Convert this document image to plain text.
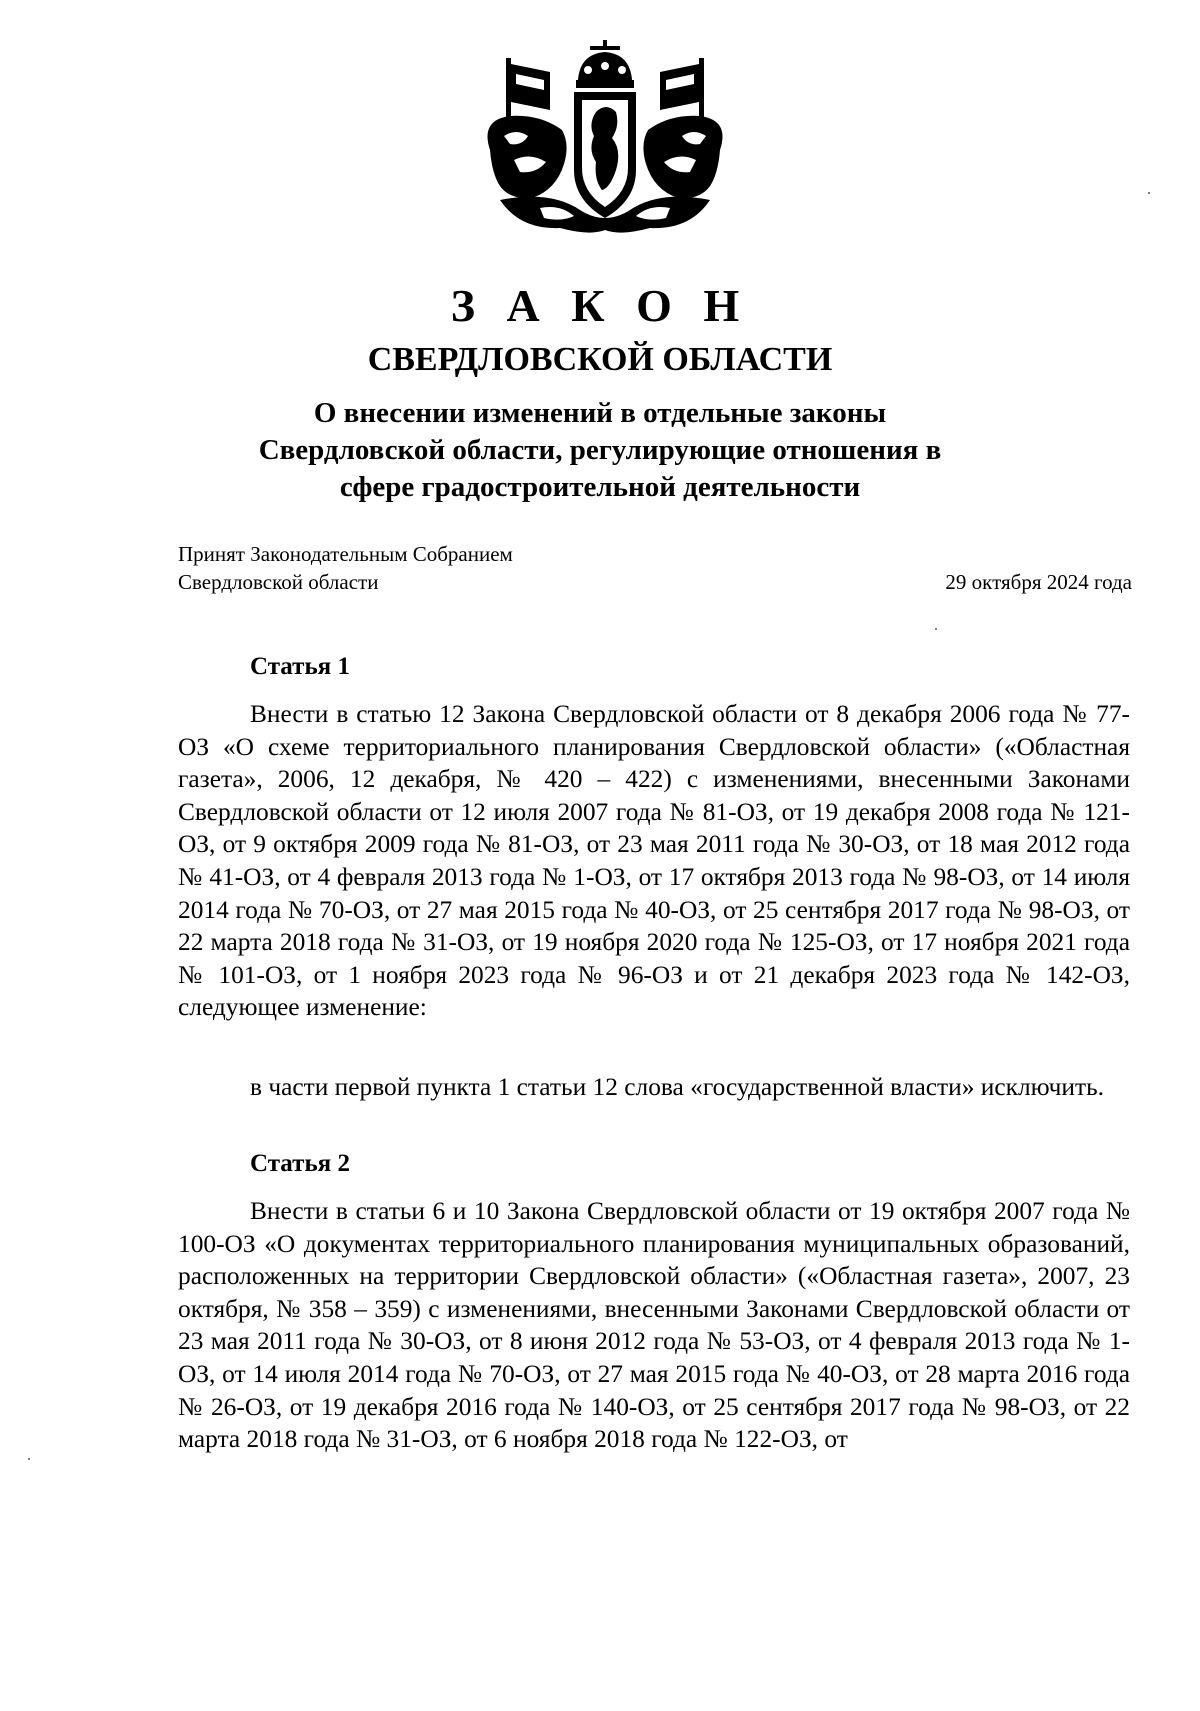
З А К О Н
СВЕРДЛОВСКОЙ ОБЛАСТИ
О внесении изменений в отдельные законы
Свердловской области, регулирующие отношения в
сфере градостроительной деятельности
Принят Законодательным Собранием
Свердловской области	29 октября 2024 года
Статья 1

Внести в статью 12 Закона Свердловской области от 8 декабря 2006 года № 77-ОЗ «О схеме территориального планирования Свердловской области» («Областная газета», 2006, 12 декабря, № 420 – 422) с изменениями, внесенными Законами Свердловской области от 12 июля 2007 года № 81-ОЗ, от 19 декабря 2008 года № 121-ОЗ, от 9 октября 2009 года № 81-ОЗ, от 23 мая 2011 года № 30-ОЗ, от 18 мая 2012 года № 41-ОЗ, от 4 февраля 2013 года № 1-ОЗ, от 17 октября 2013 года № 98-ОЗ, от 14 июля 2014 года № 70-ОЗ, от 27 мая 2015 года № 40-ОЗ, от 25 сентября 2017 года № 98-ОЗ, от 22 марта 2018 года № 31-ОЗ, от 19 ноября 2020 года № 125-ОЗ, от 17 ноября 2021 года № 101-ОЗ, от 1 ноября 2023 года № 96-ОЗ и от 21 декабря 2023 года № 142-ОЗ, следующее изменение:

в части первой пункта 1 статьи 12 слова «государственной власти» исключить.

Статья 2

Внести в статьи 6 и 10 Закона Свердловской области от 19 октября 2007 года № 100-ОЗ «О документах территориального планирования муниципальных образований, расположенных на территории Свердловской области» («Областная газета», 2007, 23 октября, № 358 – 359) с изменениями, внесенными Законами Свердловской области от 23 мая 2011 года № 30-ОЗ, от 8 июня 2012 года № 53-ОЗ, от 4 февраля 2013 года № 1-ОЗ, от 14 июля 2014 года № 70-ОЗ, от 27 мая 2015 года № 40-ОЗ, от 28 марта 2016 года № 26-ОЗ, от 19 декабря 2016 года № 140-ОЗ, от 25 сентября 2017 года № 98-ОЗ, от 22 марта 2018 года № 31-ОЗ, от 6 ноября 2018 года № 122-ОЗ, от
